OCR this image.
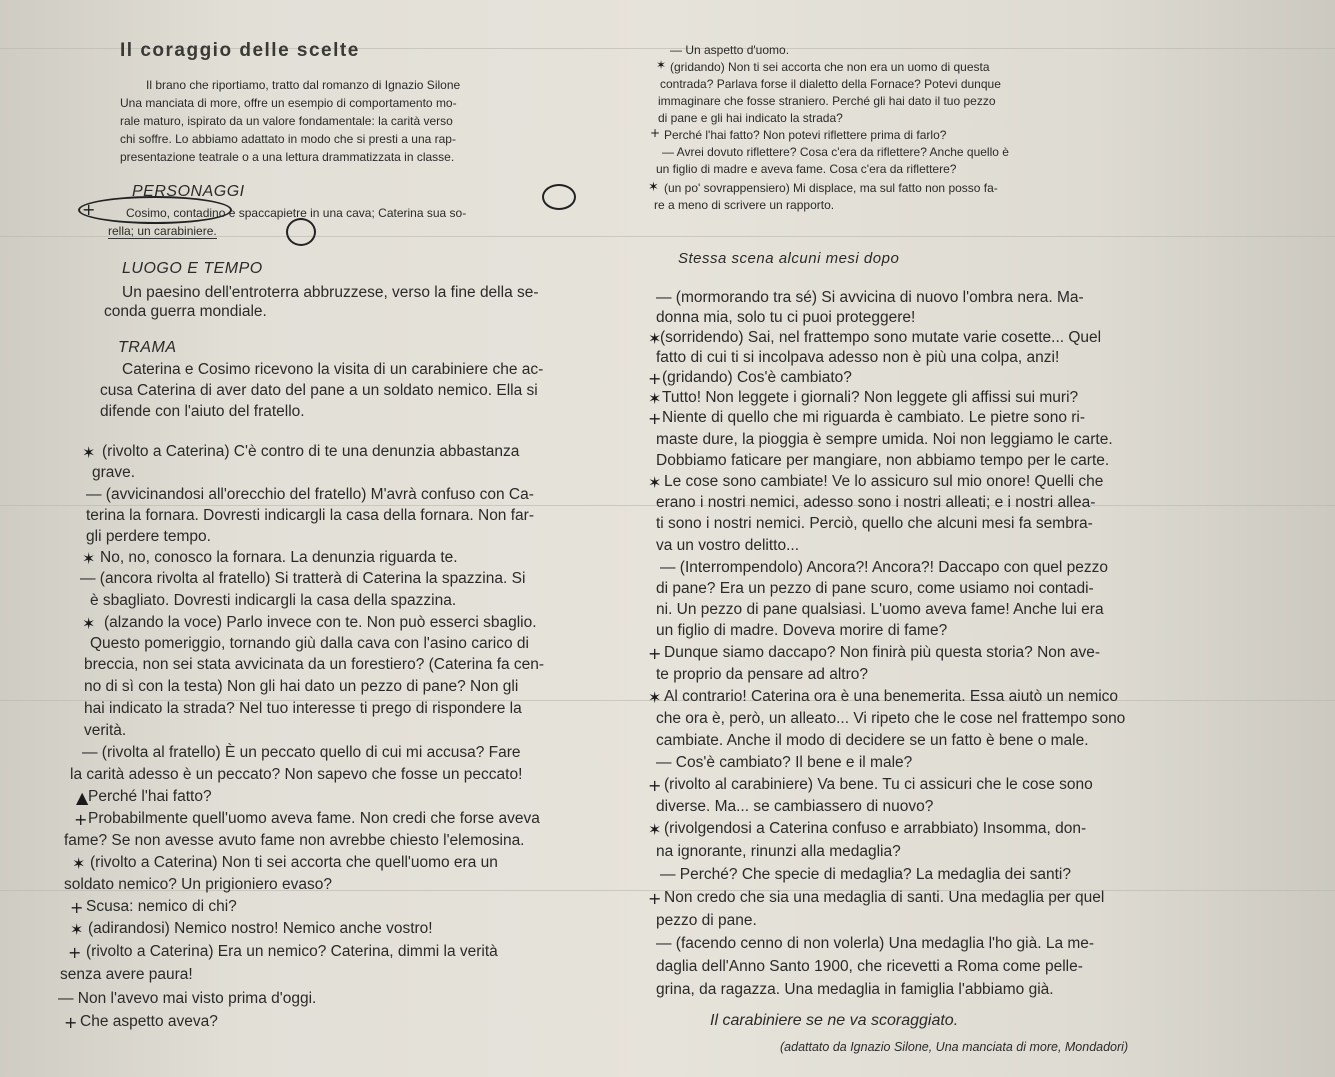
Il coraggio delle scelte
Il brano che riportiamo, tratto dal romanzo di Ignazio Silone
Una manciata di more, offre un esempio di comportamento mo-
rale maturo, ispirato da un valore fondamentale: la carità verso
chi soffre. Lo abbiamo adattato in modo che si presti a una rap-
presentazione teatrale o a una lettura drammatizzata in classe.
PERSONAGGI
Cosimo, contadino e spaccapietre in una cava; Caterina sua so-
rella; un carabiniere.
+
LUOGO E TEMPO
Un paesino dell'entroterra abbruzzese, verso la fine della se-
conda guerra mondiale.
TRAMA
Caterina e Cosimo ricevono la visita di un carabiniere che ac-
cusa Caterina di aver dato del pane a un soldato nemico. Ella si
difende con l'aiuto del fratello.
✶ (rivolto a Caterina) C'è contro di te una denunzia abbastanza
grave.
— (avvicinandosi all'orecchio del fratello) M'avrà confuso con Ca-
terina la fornara. Dovresti indicargli la casa della fornara. Non far-
gli perdere tempo.
✶ No, no, conosco la fornara. La denunzia riguarda te.
— (ancora rivolta al fratello) Si tratterà di Caterina la spazzina. Si
è sbagliato. Dovresti indicargli la casa della spazzina.
✶ (alzando la voce) Parlo invece con te. Non può esserci sbaglio.
Questo pomeriggio, tornando giù dalla cava con l'asino carico di
breccia, non sei stata avvicinata da un forestiero? (Caterina fa cen-
no di sì con la testa) Non gli hai dato un pezzo di pane? Non gli
hai indicato la strada? Nel tuo interesse ti prego di rispondere la
verità.
— (rivolta al fratello) È un peccato quello di cui mi accusa? Fare
la carità adesso è un peccato? Non sapevo che fosse un peccato!
▲ Perché l'hai fatto?
+ Probabilmente quell'uomo aveva fame. Non credi che forse aveva
fame? Se non avesse avuto fame non avrebbe chiesto l'elemosina.
✶ (rivolto a Caterina) Non ti sei accorta che quell'uomo era un
soldato nemico? Un prigioniero evaso?
+ Scusa: nemico di chi?
✶ (adirandosi) Nemico nostro! Nemico anche vostro!
+ (rivolto a Caterina) Era un nemico? Caterina, dimmi la verità
senza avere paura!
— Non l'avevo mai visto prima d'oggi.
+ Che aspetto aveva?
— Un aspetto d'uomo.
✶ (gridando) Non ti sei accorta che non era un uomo di questa
contrada? Parlava forse il dialetto della Fornace? Potevi dunque
immaginare che fosse straniero. Perché gli hai dato il tuo pezzo
di pane e gli hai indicato la strada?
+ Perché l'hai fatto? Non potevi riflettere prima di farlo?
— Avrei dovuto riflettere? Cosa c'era da riflettere? Anche quello è
un figlio di madre e aveva fame. Cosa c'era da riflettere?
✶ (un po' sovrappensiero) Mi displace, ma sul fatto non posso fa-
re a meno di scrivere un rapporto.
Stessa scena alcuni mesi dopo
— (mormorando tra sé) Si avvicina di nuovo l'ombra nera. Ma-
donna mia, solo tu ci puoi proteggere!
✶
(sorridendo) Sai, nel frattempo sono mutate varie cosette... Quel
fatto di cui ti si incolpava adesso non è più una colpa, anzi!
+ (gridando) Cos'è cambiato?
✶ Tutto! Non leggete i giornali? Non leggete gli affissi sui muri?
+ Niente di quello che mi riguarda è cambiato. Le pietre sono ri-
maste dure, la pioggia è sempre umida. Noi non leggiamo le carte.
Dobbiamo faticare per mangiare, non abbiamo tempo per le carte.
✶ Le cose sono cambiate! Ve lo assicuro sul mio onore! Quelli che
erano i nostri nemici, adesso sono i nostri alleati; e i nostri allea-
ti sono i nostri nemici. Perciò, quello che alcuni mesi fa sembra-
va un vostro delitto...
— (Interrompendolo) Ancora?! Ancora?! Daccapo con quel pezzo
di pane? Era un pezzo di pane scuro, come usiamo noi contadi-
ni. Un pezzo di pane qualsiasi. L'uomo aveva fame! Anche lui era
un figlio di madre. Doveva morire di fame?
+ Dunque siamo daccapo? Non finirà più questa storia? Non ave-
te proprio da pensare ad altro?
✶ Al contrario! Caterina ora è una benemerita. Essa aiutò un nemico
che ora è, però, un alleato... Vi ripeto che le cose nel frattempo sono
cambiate. Anche il modo di decidere se un fatto è bene o male.
— Cos'è cambiato? Il bene e il male?
+ (rivolto al carabiniere) Va bene. Tu ci assicuri che le cose sono
diverse. Ma... se cambiassero di nuovo?
✶ (rivolgendosi a Caterina confuso e arrabbiato) Insomma, don-
na ignorante, rinunzi alla medaglia?
— Perché? Che specie di medaglia? La medaglia dei santi?
+ Non credo che sia una medaglia di santi. Una medaglia per quel
pezzo di pane.
— (facendo cenno di non volerla) Una medaglia l'ho già. La me-
daglia dell'Anno Santo 1900, che ricevetti a Roma come pelle-
grina, da ragazza. Una medaglia in famiglia l'abbiamo già.
Il carabiniere se ne va scoraggiato.
(adattato da Ignazio Silone, Una manciata di more, Mondadori)
